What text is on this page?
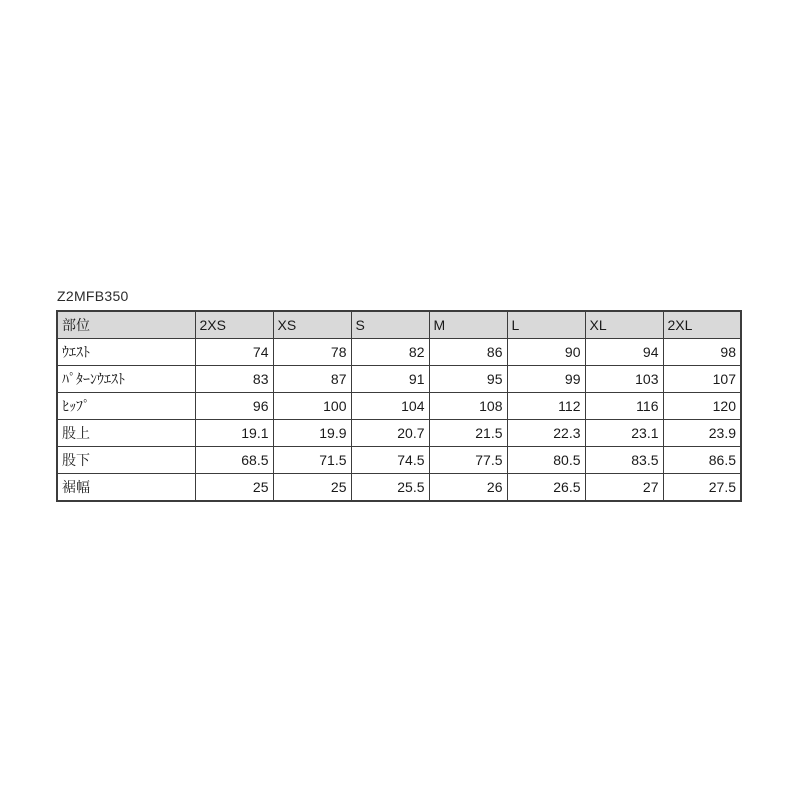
Z2MFB350
部位	2XS	XS	S	M	L	XL	2XL
ｳｴｽﾄ	74	78	82	86	90	94	98
ﾊﾟﾀｰﾝｳｴｽﾄ	83	87	91	95	99	103	107
ﾋｯﾌﾟ	96	100	104	108	112	116	120
股上	19.1	19.9	20.7	21.5	22.3	23.1	23.9
股下	68.5	71.5	74.5	77.5	80.5	83.5	86.5
裾幅	25	25	25.5	26	26.5	27	27.5
